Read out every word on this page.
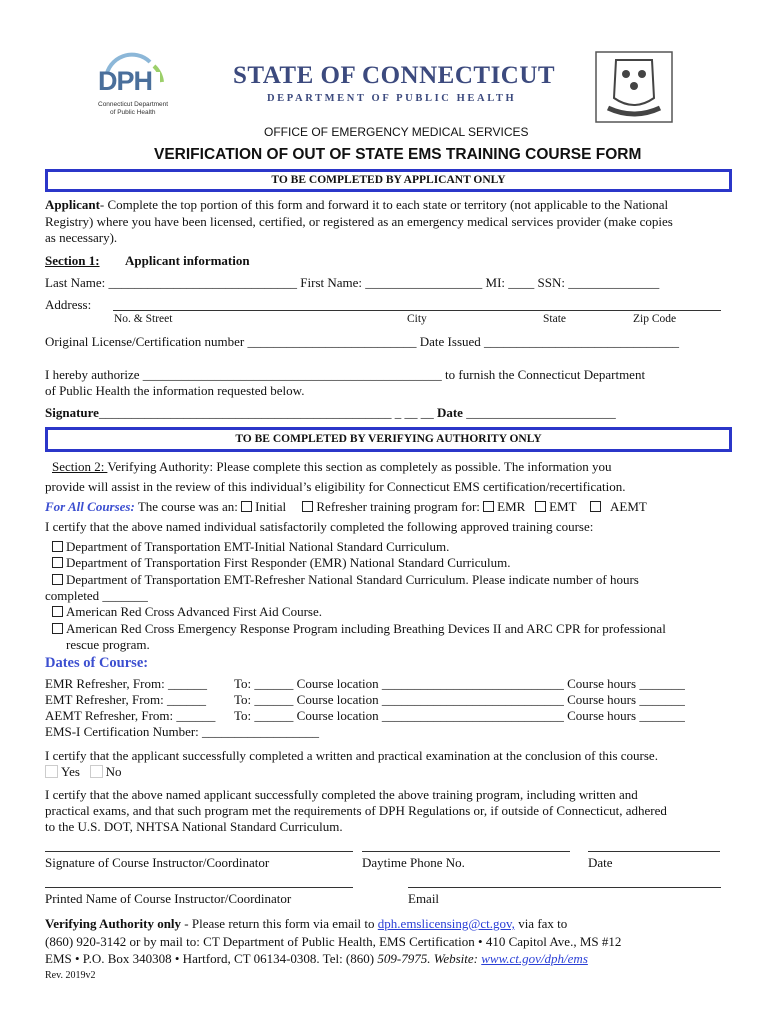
DPH
Connecticut Department
of Public Health
STATE OF CONNECTICUT
DEPARTMENT OF PUBLIC HEALTH
OFFICE OF EMERGENCY MEDICAL SERVICES
VERIFICATION OF OUT OF STATE EMS TRAINING COURSE FORM
TO BE COMPLETED BY APPLICANT ONLY
Applicant- Complete the top portion of this form and forward it to each state or territory (not applicable to the National
Registry) where you have been licensed, certified, or registered as an emergency medical services provider (make copies
as necessary).
Section 1: Applicant information
Last Name: _____________________________ First Name: __________________ MI: ____ SSN: ______________
Address:
No. & Street	City	State	Zip Code
Original License/Certification number __________________________ Date Issued ______________________________
I hereby authorize ______________________________________________ to furnish the Connecticut Department
of Public Health the information requested below.
Signature_____________________________________________ _ __ __ Date _______________________
TO BE COMPLETED BY VERIFYING AUTHORITY ONLY
Section 2: Verifying Authority: Please complete this section as completely as possible. The information you
provide will assist in the review of this individual’s eligibility for Connecticut EMS certification/recertification.
For All Courses: The course was an: Initial Refresher training program for: EMR EMT	AEMT
I certify that the above named individual satisfactorily completed the following approved training course:
Department of Transportation EMT-Initial National Standard Curriculum.
Department of Transportation First Responder (EMR) National Standard Curriculum.
Department of Transportation EMT-Refresher National Standard Curriculum. Please indicate number of hours
completed _______
American Red Cross Advanced First Aid Course.
American Red Cross Emergency Response Program including Breathing Devices II and ARC CPR for professional
rescue program.
Dates of Course:
EMR Refresher, From: ______ To: ______ Course location ____________________________ Course hours _______
EMT Refresher, From: ______ To: ______ Course location ____________________________ Course hours _______
AEMT Refresher, From: ______ To: ______ Course location ____________________________ Course hours _______
EMS-I Certification Number: __________________
I certify that the applicant successfully completed a written and practical examination at the conclusion of this course.
Yes No
I certify that the above named applicant successfully completed the above training program, including written and
practical exams, and that such program met the requirements of DPH Regulations or, if outside of Connecticut, adhered
to the U.S. DOT, NHTSA National Standard Curriculum.
Signature of Course Instructor/Coordinator	Daytime Phone No.	Date
Printed Name of Course Instructor/Coordinator	Email
Verifying Authority only - Please return this form via email to dph.emslicensing@ct.gov, via fax to
(860) 920-3142 or by mail to: CT Department of Public Health, EMS Certification • 410 Capitol Ave., MS #12
EMS • P.O. Box 340308 • Hartford, CT 06134-0308. Tel: (860) 509-7975. Website: www.ct.gov/dph/ems
Rev. 2019v2
